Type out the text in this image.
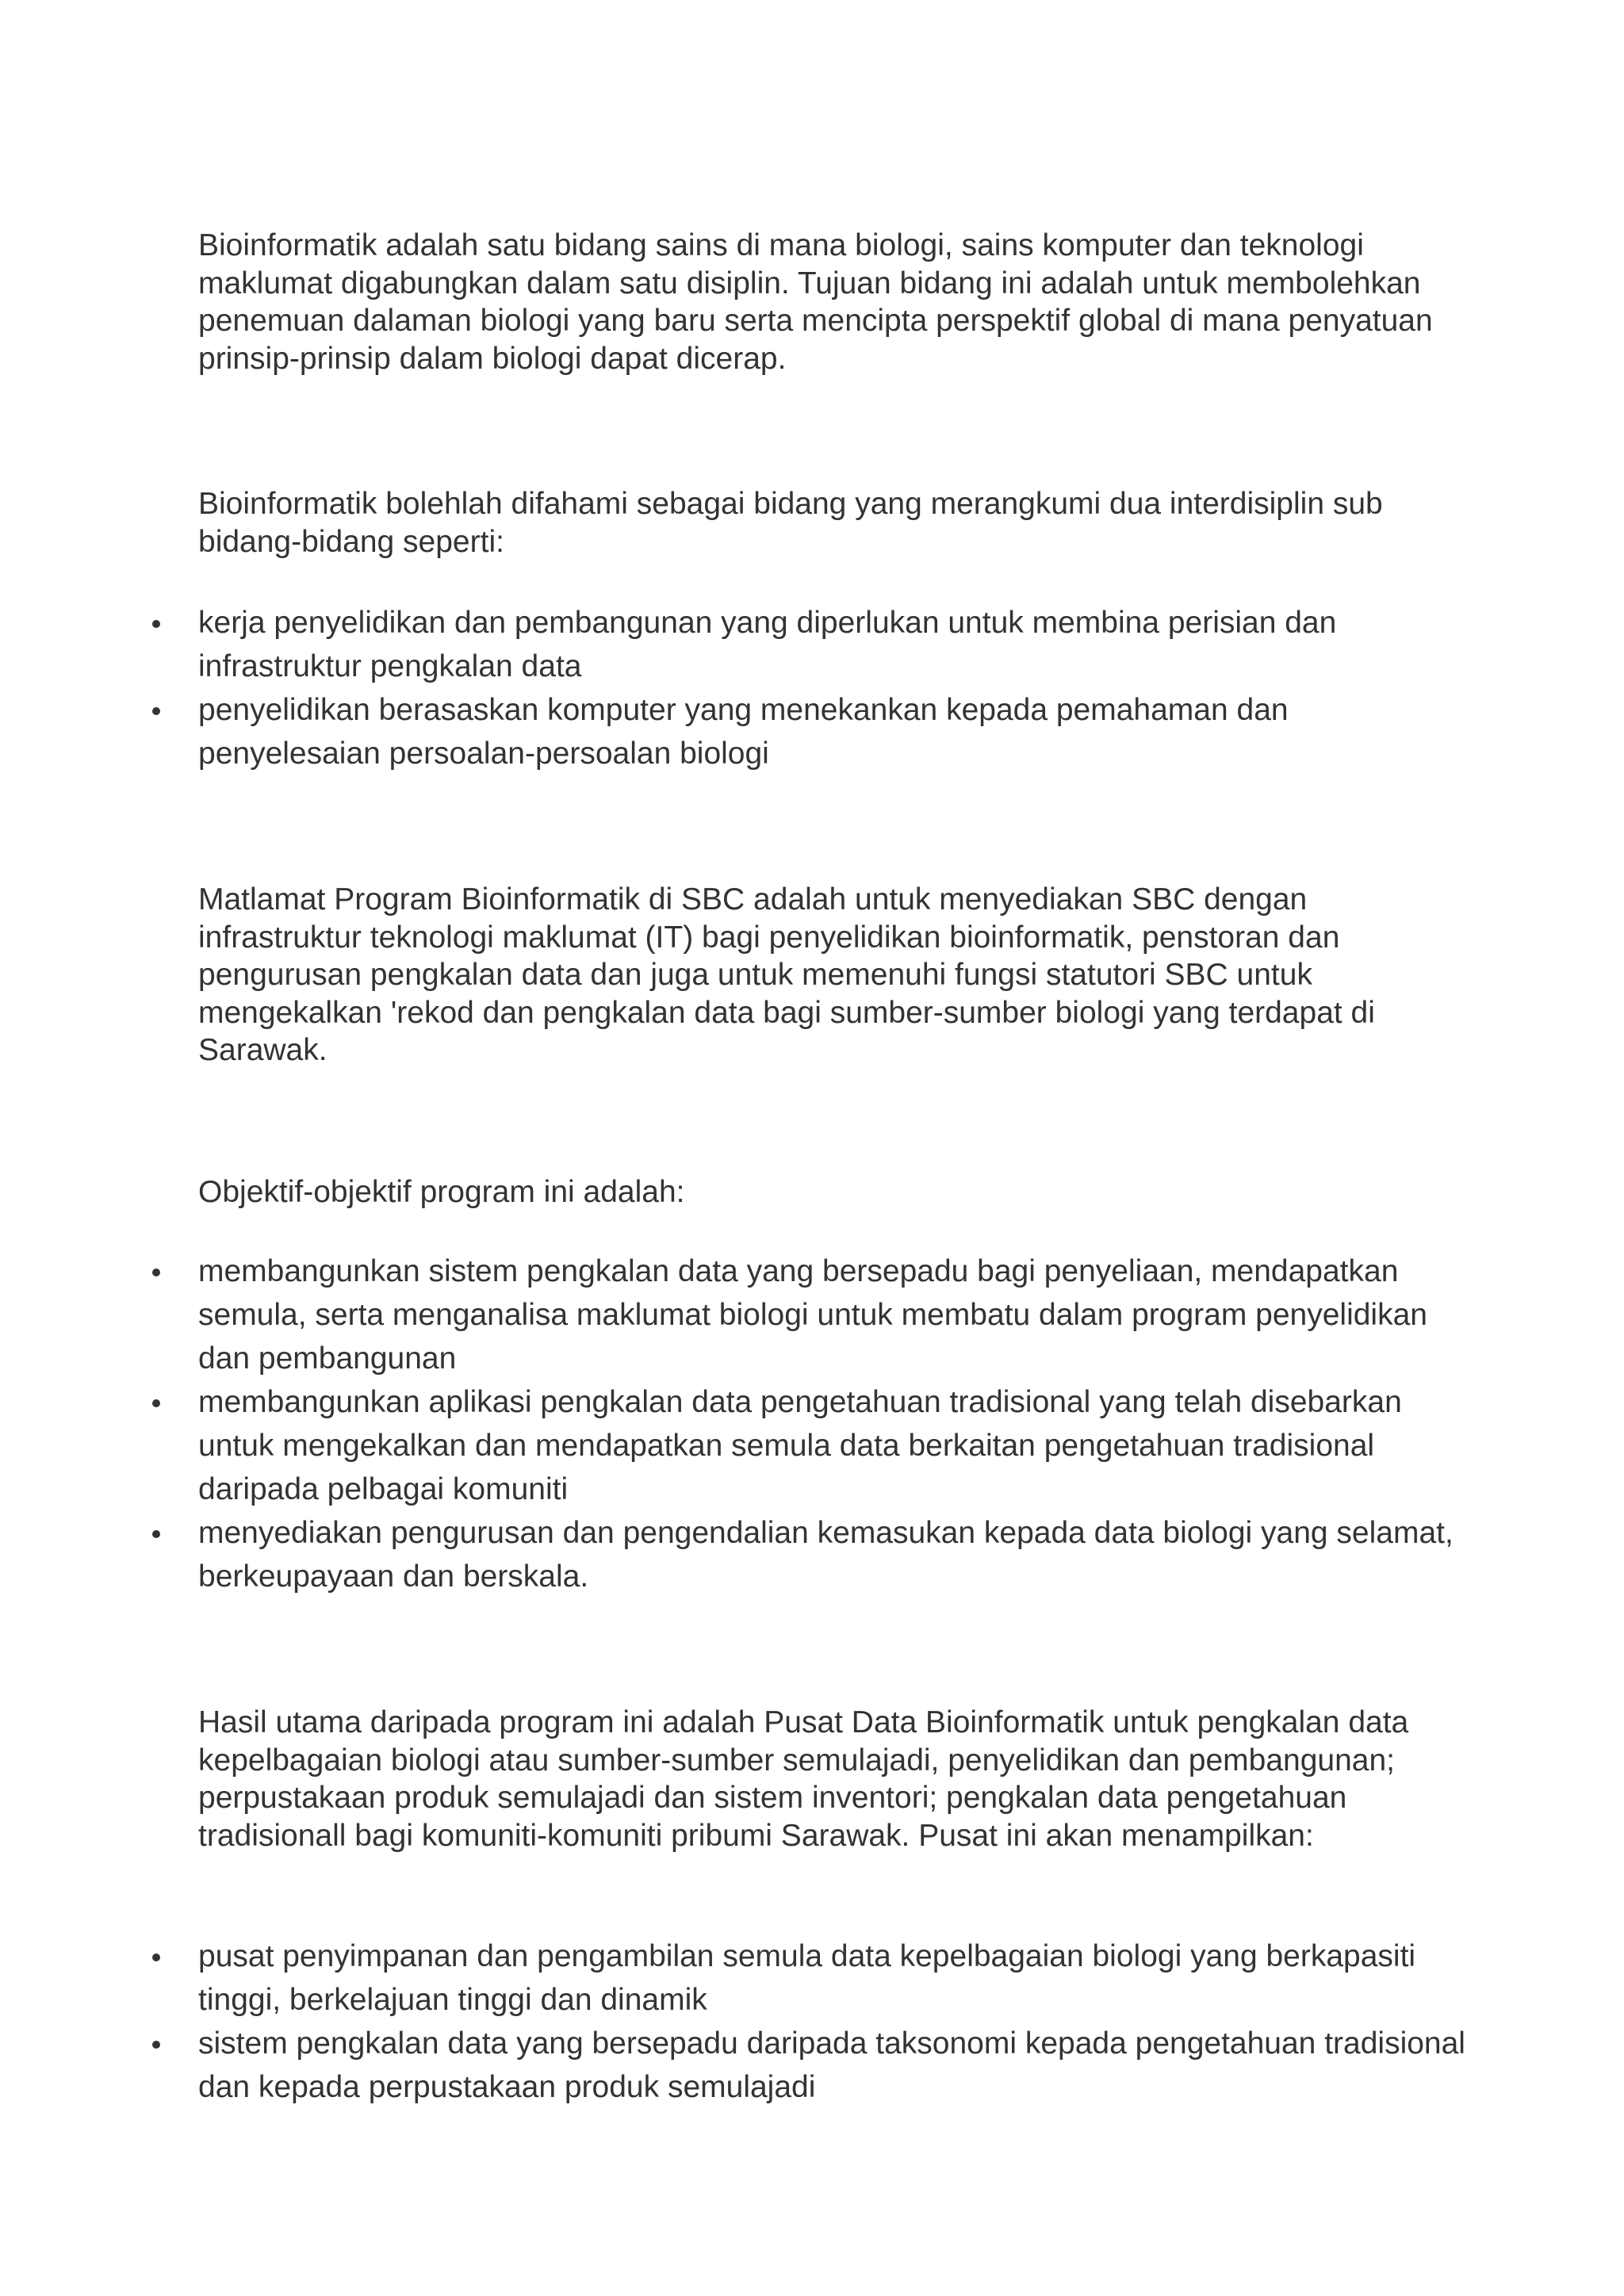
Bioinformatik adalah satu bidang sains di mana biologi, sains komputer dan teknologi maklumat digabungkan dalam satu disiplin. Tujuan bidang ini adalah untuk membolehkan penemuan dalaman biologi yang baru serta mencipta perspektif global di mana penyatuan prinsip-prinsip dalam biologi dapat dicerap.

Bioinformatik bolehlah difahami sebagai bidang yang merangkumi dua interdisiplin sub bidang-bidang seperti:

kerja penyelidikan dan pembangunan yang diperlukan untuk membina perisian dan infrastruktur pengkalan data
penyelidikan berasaskan komputer yang menekankan kepada pemahaman dan penyelesaian persoalan-persoalan biologi

Matlamat Program Bioinformatik di SBC adalah untuk menyediakan SBC dengan infrastruktur teknologi maklumat (IT) bagi penyelidikan bioinformatik, penstoran dan pengurusan pengkalan data dan juga untuk memenuhi fungsi statutori SBC untuk mengekalkan 'rekod dan pengkalan data bagi sumber-sumber biologi yang terdapat di Sarawak.

Objektif-objektif program ini adalah:

membangunkan sistem pengkalan data yang bersepadu bagi penyeliaan, mendapatkan semula, serta menganalisa maklumat biologi untuk membatu dalam program penyelidikan dan pembangunan
membangunkan aplikasi pengkalan data pengetahuan tradisional yang telah disebarkan untuk mengekalkan dan mendapatkan semula data berkaitan pengetahuan tradisional daripada pelbagai komuniti
menyediakan pengurusan dan pengendalian kemasukan kepada data biologi yang selamat, berkeupayaan dan berskala.

Hasil utama daripada program ini adalah Pusat Data Bioinformatik untuk pengkalan data kepelbagaian biologi atau sumber-sumber semulajadi, penyelidikan dan pembangunan; perpustakaan produk semulajadi dan sistem inventori; pengkalan data pengetahuan tradisionall bagi komuniti-komuniti pribumi Sarawak. Pusat ini akan menampilkan:

pusat penyimpanan dan pengambilan semula data kepelbagaian biologi yang berkapasiti tinggi, berkelajuan tinggi dan dinamik
sistem pengkalan data yang bersepadu daripada taksonomi kepada pengetahuan tradisional dan kepada perpustakaan produk semulajadi
